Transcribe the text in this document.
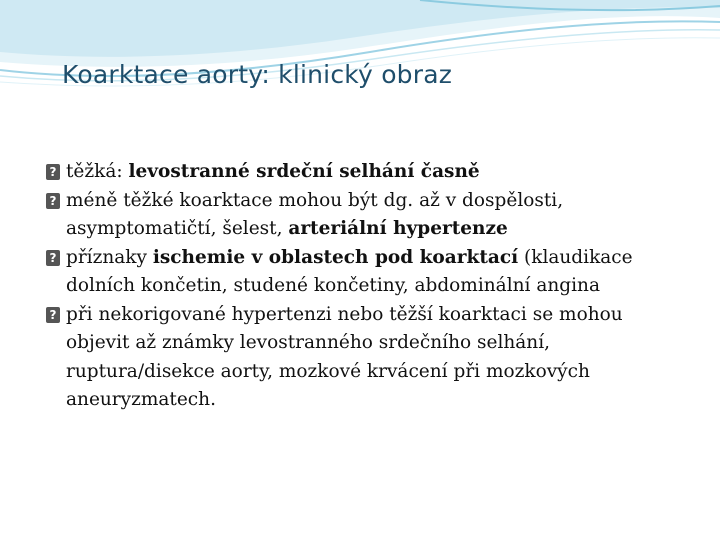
Koarktace aorty: klinický obraz

? těžká: levostranné srdeční selhání časně

? méně těžké koarktace mohou být dg. až v dospělosti, asymptomatičtí, šelest, arteriální hypertenze

? příznaky ischemie v oblastech pod koarktací (klaudikace dolních končetin, studené končetiny, abdominální angina

? při nekorigované hypertenzi nebo těžší koarktaci se mohou objevit až známky levostranného srdečního selhání, ruptura/disekce aorty, mozkové krvácení při mozkových aneuryzmatech.
